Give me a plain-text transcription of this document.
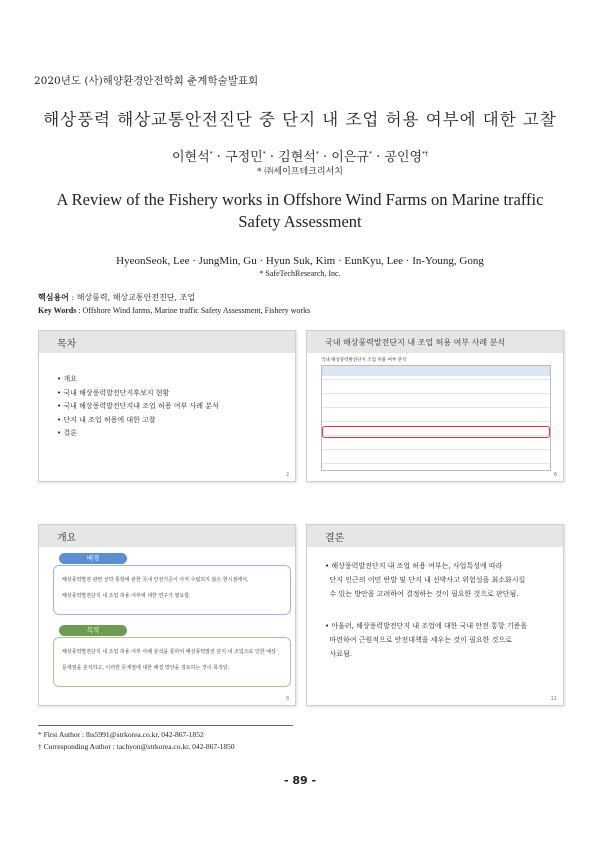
2020년도 (사)해양환경안전학회 춘계학술발표회
해상풍력 해상교통안전진단 중 단지 내 조업 허용 여부에 대한 고찰
이현석* · 구정민* · 김현석* · 이은규* · 공인영*†
* ㈜세이프테크리서치
A Review of the Fishery works in Offshore Wind Farms on Marine traffic Safety Assessment
HyeonSeok, Lee · JungMin, Gu · Hyun Suk, Kim · EunKyu, Lee · In-Young, Gong
* SafeTechResearch, Inc.
핵심용어 : 해상풍력, 해상교통안전진단, 조업
Key Words : Offshore Wind farms, Marine traffic Safety Assessment, Fishery works
목차
• 개요
• 국내 해상풍력발전단지후보지 현황
• 국내 해상풍력발전단지내 조업 허용 여부 사례 분석
• 단지 내 조업 허용에 대한 고찰
• 결론
2
국내 해상풍력발전단지 내 조업 허용 여부 사례 분석
국내 해상풍력발전단지 조업 허용 여부 분석
6
개요
배경
해상풍력발전 관련 선박 통항에 관한 국내 안전기준이 아직 수립되지 않은 현시점에서,
해상풍력발전단지 내 조업 허용 여부에 대한 연구가 필요함.
목적
해상풍력발전단지 내 조업 허용 여부 사례 분석을 통하여 해상풍력발전 단지 내 조업으로 인한 예상
문제점을 분석하고, 이러한 문제점에 대한 해결 방안을 검토하는 것이 목적임.
3
결론
• 해상풍력발전단지 내 조업 허용 여부는, 사업특성에 따라
단지 인근의 어민 반발 및 단지 내 선박사고 위험성을 최소화시킬
수 있는 방안을 고려하여 결정하는 것이 필요한 것으로 판단됨.
• 아울러, 해상풍력발전단지 내 조업에 대한 국내 안전 통항 기준을
마련하여 근원적으로 안전대책을 세우는 것이 필요한 것으로
사료됨.
11
* First Author : lhs5991@strkorea.co.kr, 042-867-1852
† Corresponding Author : tachyon@strkorea.co.kr, 042-867-1850
- 89 -
